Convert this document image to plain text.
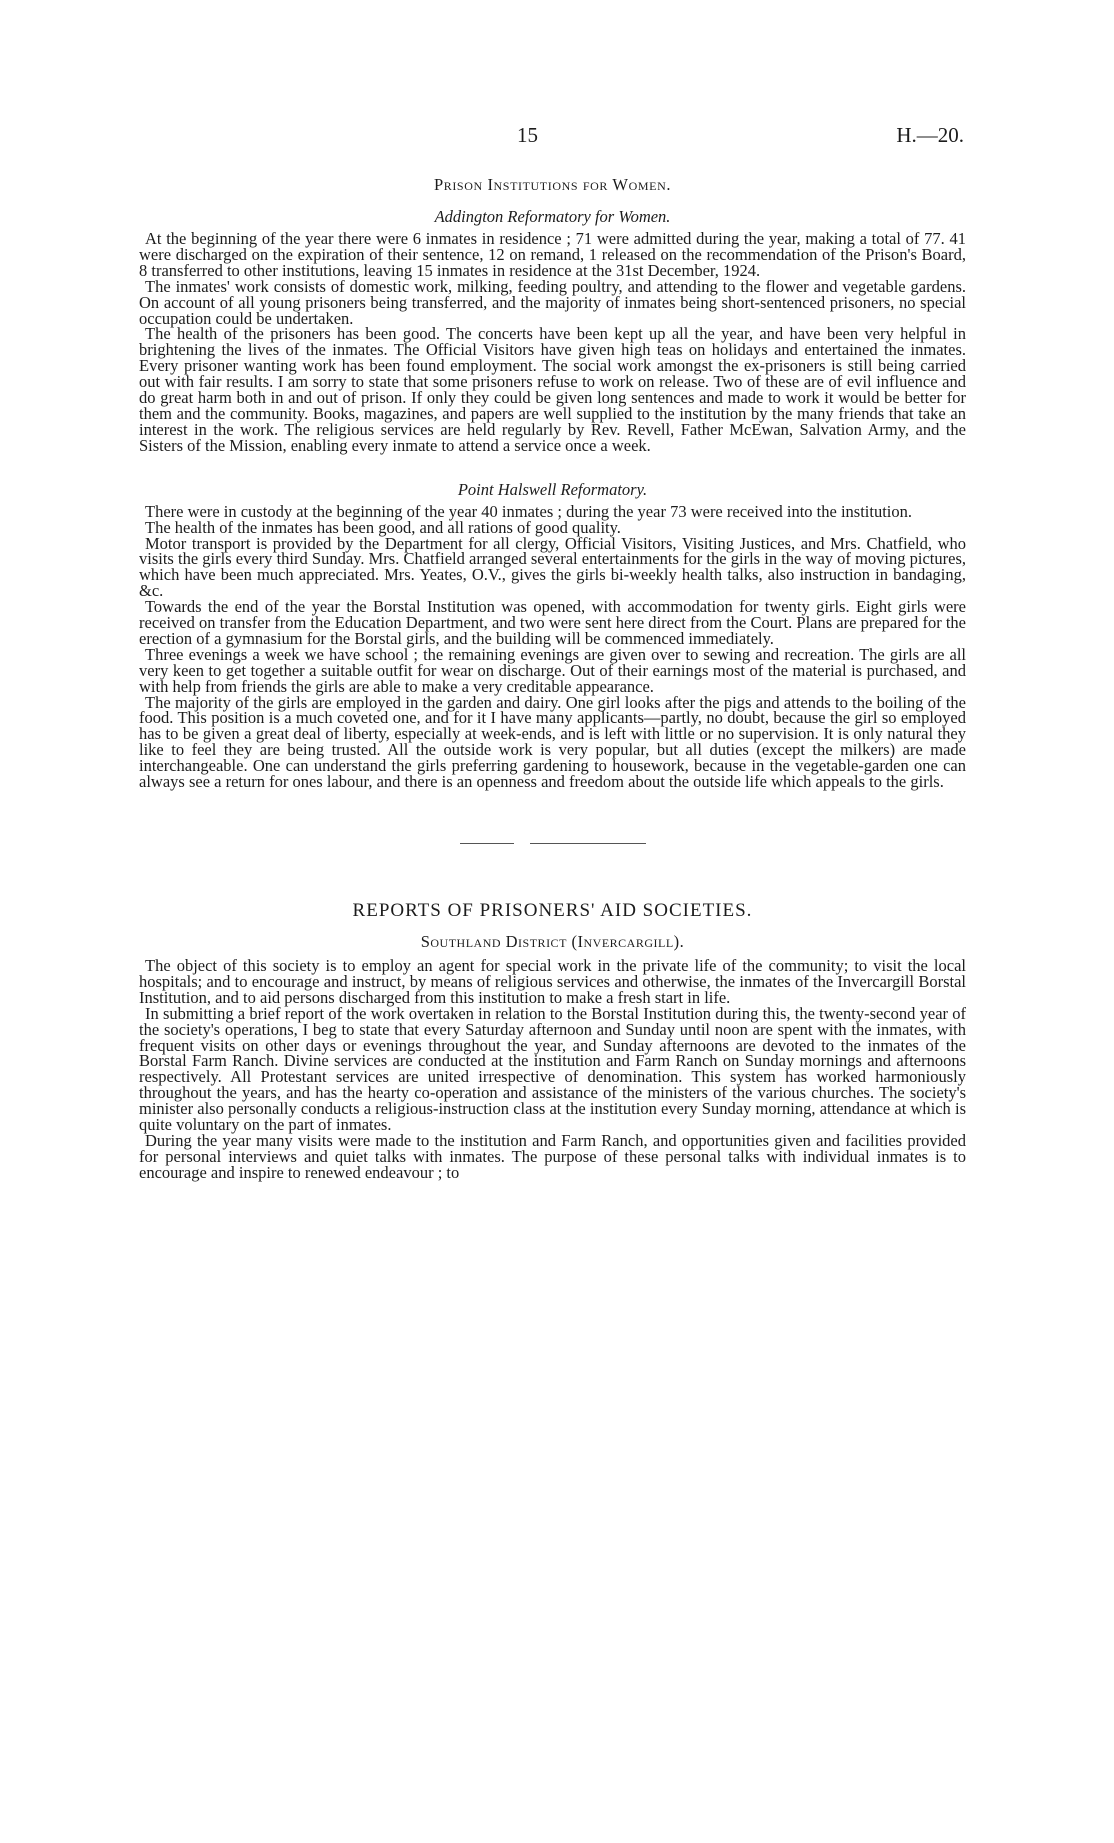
15	H.—20.
Prison Institutions for Women.
Addington Reformatory for Women.

At the beginning of the year there were 6 inmates in residence ; 71 were admitted during the year, making a total of 77. 41 were discharged on the expiration of their sentence, 12 on remand, 1 released on the recommendation of the Prison's Board, 8 transferred to other institutions, leaving 15 inmates in residence at the 31st December, 1924.

The inmates' work consists of domestic work, milking, feeding poultry, and attending to the flower and vegetable gardens. On account of all young prisoners being transferred, and the majority of inmates being short-sentenced prisoners, no special occupation could be undertaken.

The health of the prisoners has been good. The concerts have been kept up all the year, and have been very helpful in brightening the lives of the inmates. The Official Visitors have given high teas on holidays and entertained the inmates. Every prisoner wanting work has been found employment. The social work amongst the ex-prisoners is still being carried out with fair results. I am sorry to state that some prisoners refuse to work on release. Two of these are of evil influence and do great harm both in and out of prison. If only they could be given long sentences and made to work it would be better for them and the community. Books, magazines, and papers are well supplied to the institution by the many friends that take an interest in the work. The religious services are held regularly by Rev. Revell, Father McEwan, Salvation Army, and the Sisters of the Mission, enabling every inmate to attend a service once a week.

Point Halswell Reformatory.

There were in custody at the beginning of the year 40 inmates ; during the year 73 were received into the institution.

The health of the inmates has been good, and all rations of good quality.

Motor transport is provided by the Department for all clergy, Official Visitors, Visiting Justices, and Mrs. Chatfield, who visits the girls every third Sunday. Mrs. Chatfield arranged several entertainments for the girls in the way of moving pictures, which have been much appreciated. Mrs. Yeates, O.V., gives the girls bi-weekly health talks, also instruction in bandaging, &c.

Towards the end of the year the Borstal Institution was opened, with accommodation for twenty girls. Eight girls were received on transfer from the Education Department, and two were sent here direct from the Court. Plans are prepared for the erection of a gymnasium for the Borstal girls, and the building will be commenced immediately.

Three evenings a week we have school ; the remaining evenings are given over to sewing and recreation. The girls are all very keen to get together a suitable outfit for wear on discharge. Out of their earnings most of the material is purchased, and with help from friends the girls are able to make a very creditable appearance.

The majority of the girls are employed in the garden and dairy. One girl looks after the pigs and attends to the boiling of the food. This position is a much coveted one, and for it I have many applicants—partly, no doubt, because the girl so employed has to be given a great deal of liberty, especially at week-ends, and is left with little or no supervision. It is only natural they like to feel they are being trusted. All the outside work is very popular, but all duties (except the milkers) are made interchangeable. One can understand the girls preferring gardening to housework, because in the vegetable-garden one can always see a return for ones labour, and there is an openness and freedom about the outside life which appeals to the girls.

REPORTS OF PRISONERS' AID SOCIETIES.
Southland District (Invercargill).

The object of this society is to employ an agent for special work in the private life of the community; to visit the local hospitals; and to encourage and instruct, by means of religious services and otherwise, the inmates of the Invercargill Borstal Institution, and to aid persons discharged from this institution to make a fresh start in life.

In submitting a brief report of the work overtaken in relation to the Borstal Institution during this, the twenty-second year of the society's operations, I beg to state that every Saturday afternoon and Sunday until noon are spent with the inmates, with frequent visits on other days or evenings throughout the year, and Sunday afternoons are devoted to the inmates of the Borstal Farm Ranch. Divine services are conducted at the institution and Farm Ranch on Sunday mornings and afternoons respectively. All Protestant services are united irrespective of denomination. This system has worked harmoniously throughout the years, and has the hearty co-operation and assistance of the ministers of the various churches. The society's minister also personally conducts a religious-instruction class at the institution every Sunday morning, attendance at which is quite voluntary on the part of inmates.

During the year many visits were made to the institution and Farm Ranch, and opportunities given and facilities provided for personal interviews and quiet talks with inmates. The purpose of these personal talks with individual inmates is to encourage and inspire to renewed endeavour ; to
